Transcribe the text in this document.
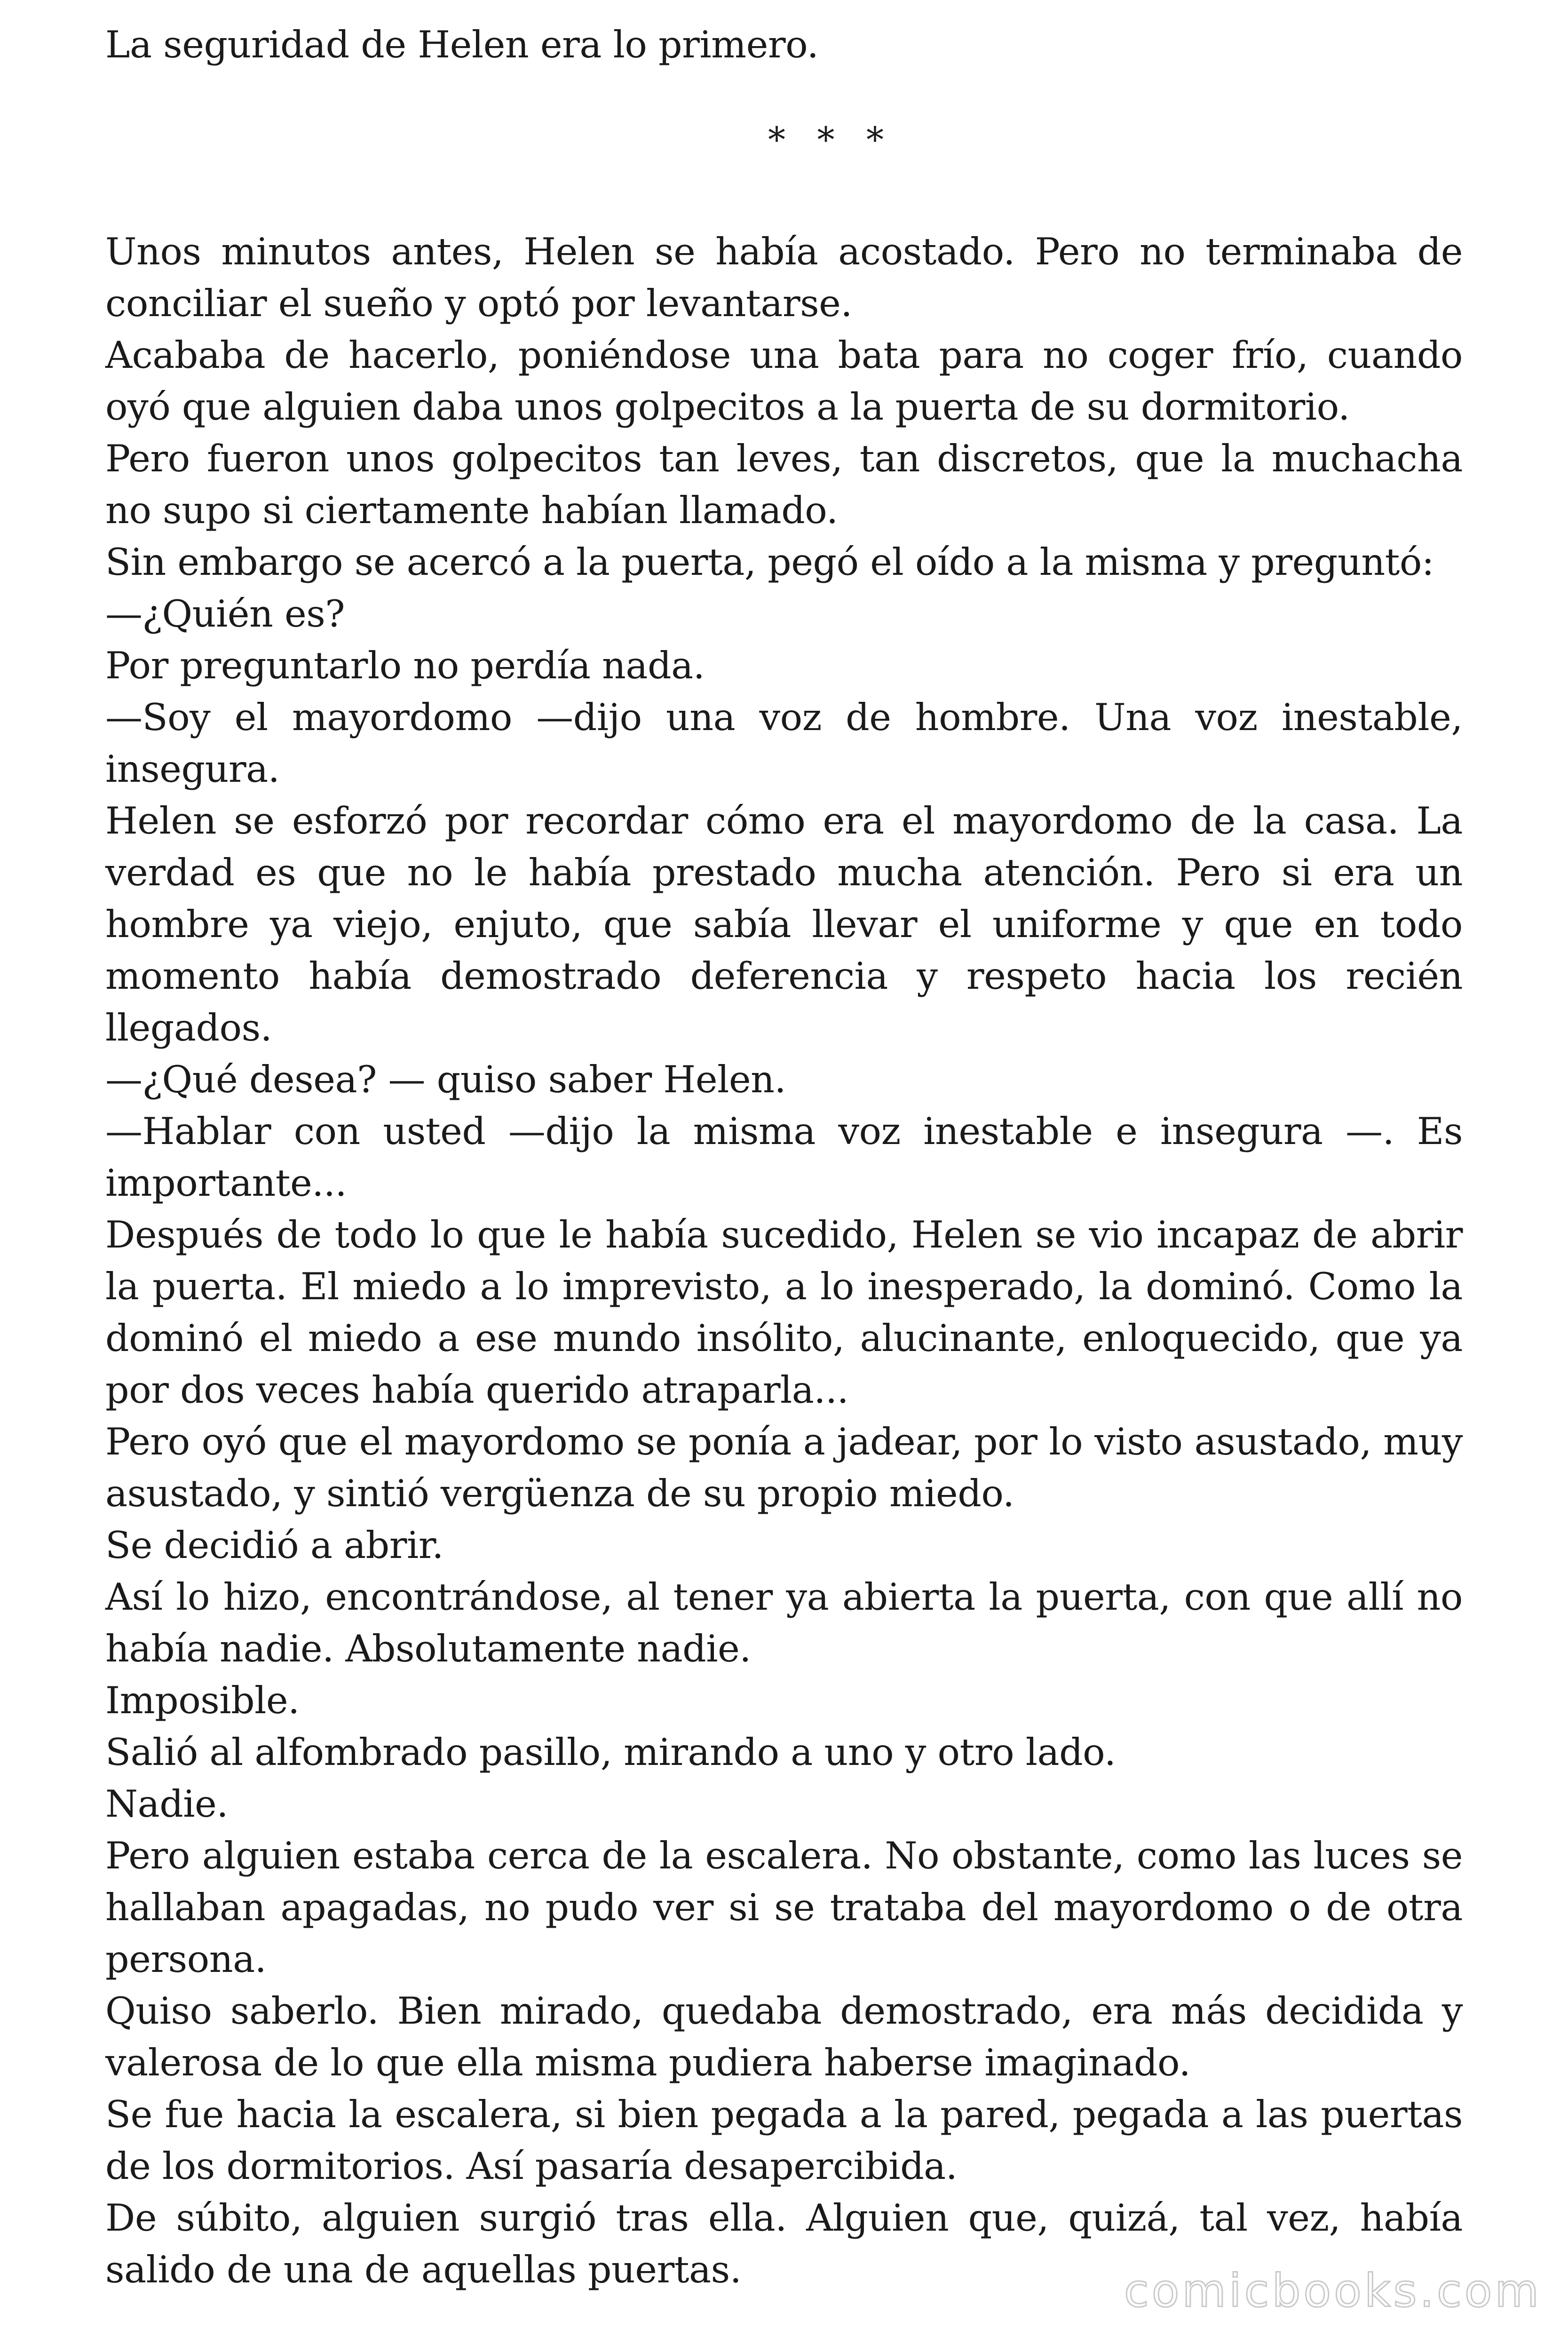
La seguridad de Helen era lo primero.

* * *

Unos minutos antes, Helen se había acostado. Pero no terminaba de conciliar el sueño y optó por levantarse.

Acababa de hacerlo, poniéndose una bata para no coger frío, cuando oyó que alguien daba unos golpecitos a la puerta de su dormitorio.

Pero fueron unos golpecitos tan leves, tan discretos, que la muchacha no supo si ciertamente habían llamado.

Sin embargo se acercó a la puerta, pegó el oído a la misma y preguntó:

—¿Quién es?

Por preguntarlo no perdía nada.

—Soy el mayordomo —dijo una voz de hombre. Una voz inestable, insegura.

Helen se esforzó por recordar cómo era el mayordomo de la casa. La verdad es que no le había prestado mucha atención. Pero si era un hombre ya viejo, enjuto, que sabía llevar el uniforme y que en todo momento había demostrado deferencia y respeto hacia los recién llegados.

—¿Qué desea? — quiso saber Helen.

—Hablar con usted —dijo la misma voz inestable e insegura —. Es importante...

Después de todo lo que le había sucedido, Helen se vio incapaz de abrir la puerta. El miedo a lo imprevisto, a lo inesperado, la dominó. Como la dominó el miedo a ese mundo insólito, alucinante, enloquecido, que ya por dos veces había querido atraparla...

Pero oyó que el mayordomo se ponía a jadear, por lo visto asustado, muy asustado, y sintió vergüenza de su propio miedo.

Se decidió a abrir.

Así lo hizo, encontrándose, al tener ya abierta la puerta, con que allí no había nadie. Absolutamente nadie.

Imposible.

Salió al alfombrado pasillo, mirando a uno y otro lado.

Nadie.

Pero alguien estaba cerca de la escalera. No obstante, como las luces se hallaban apagadas, no pudo ver si se trataba del mayordomo o de otra persona.

Quiso saberlo. Bien mirado, quedaba demostrado, era más decidida y valerosa de lo que ella misma pudiera haberse imaginado.

Se fue hacia la escalera, si bien pegada a la pared, pegada a las puertas de los dormitorios. Así pasaría desapercibida.

De súbito, alguien surgió tras ella. Alguien que, quizá, tal vez, había salido de una de aquellas puertas.	comicbooks.com
